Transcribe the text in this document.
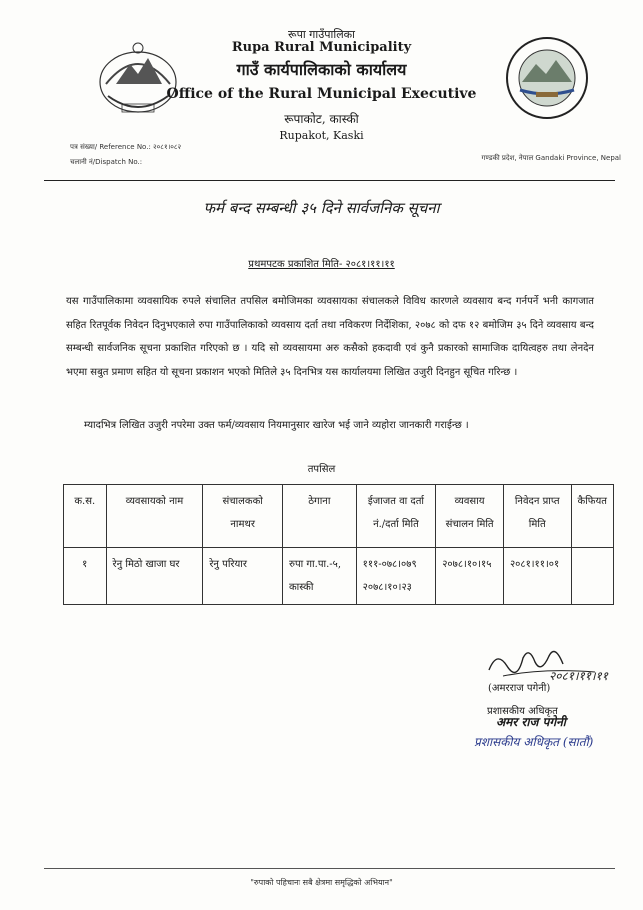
रूपा गाउँपालिका
Rupa Rural Municipality
गाउँ कार्यपालिकाको कार्यालय
Office of the Rural Municipal Executive
रूपाकोट, कास्की
Rupakot, Kaski
पत्र संख्या/ Reference No.: २०८१।०८२
चलानी नं/Dispatch No.:	गण्डकी प्रदेश, नेपाल Gandaki Province, Nepal
फर्म बन्द सम्बन्धी ३५ दिने सार्वजनिक सूचना
प्रथमपटक प्रकाशित मिति- २०८१।११।११
यस गाउँपालिकामा व्यवसायिक रुपले संचालित तपसिल बमोजिमका व्यवसायका संचालकले विविध कारणले व्यवसाय बन्द गर्नपर्ने भनी कागजात सहित रितपूर्वक निवेदन दिनुभएकाले रुपा गाउँपालिकाको व्यवसाय दर्ता तथा नविकरण निर्देशिका, २०७८ को दफ १२ बमोजिम ३५ दिने व्यवसाय बन्द सम्बन्धी सार्वजनिक सूचना प्रकाशित गरिएको छ । यदि सो व्यवसायमा अरु कसैको हकदावी एवं कुनै प्रकारको सामाजिक दायित्वहरु तथा लेनदेन भएमा सबुत प्रमाण सहित यो सूचना प्रकाशन भएको मितिले ३५ दिनभित्र यस कार्यालयमा लिखित उजुरी दिनहुन सूचित गरिन्छ ।
म्यादभित्र लिखित उजुरी नपरेमा उक्त फर्म/व्यवसाय नियमानुसार खारेज भई जाने व्यहोरा जानकारी गराईन्छ ।
तपसिल
क.स.	व्यवसायको नाम	संचालकको नामथर	ठेगाना	ईजाजत वा दर्ता नं./दर्ता मिति	व्यवसाय संचालन मिति	निवेदन प्राप्त मिति	कैफियत
१	रेनु मिठो खाजा घर	रेनु परियार	रुपा गा.पा.-५, कास्की	१११-०७८।०७९ २०७८।१०।२३	२०७८।१०।१५	२०८१।११।०१	
२०८१।११।११
(अमरराज पगेनी)
प्रशासकीय अधिकृत
अमर राज पगेनी
प्रशासकीय अधिकृत (सातौं)
"रुपाको पहिचानः सबै क्षेत्रमा समृद्धिको अभियान"
